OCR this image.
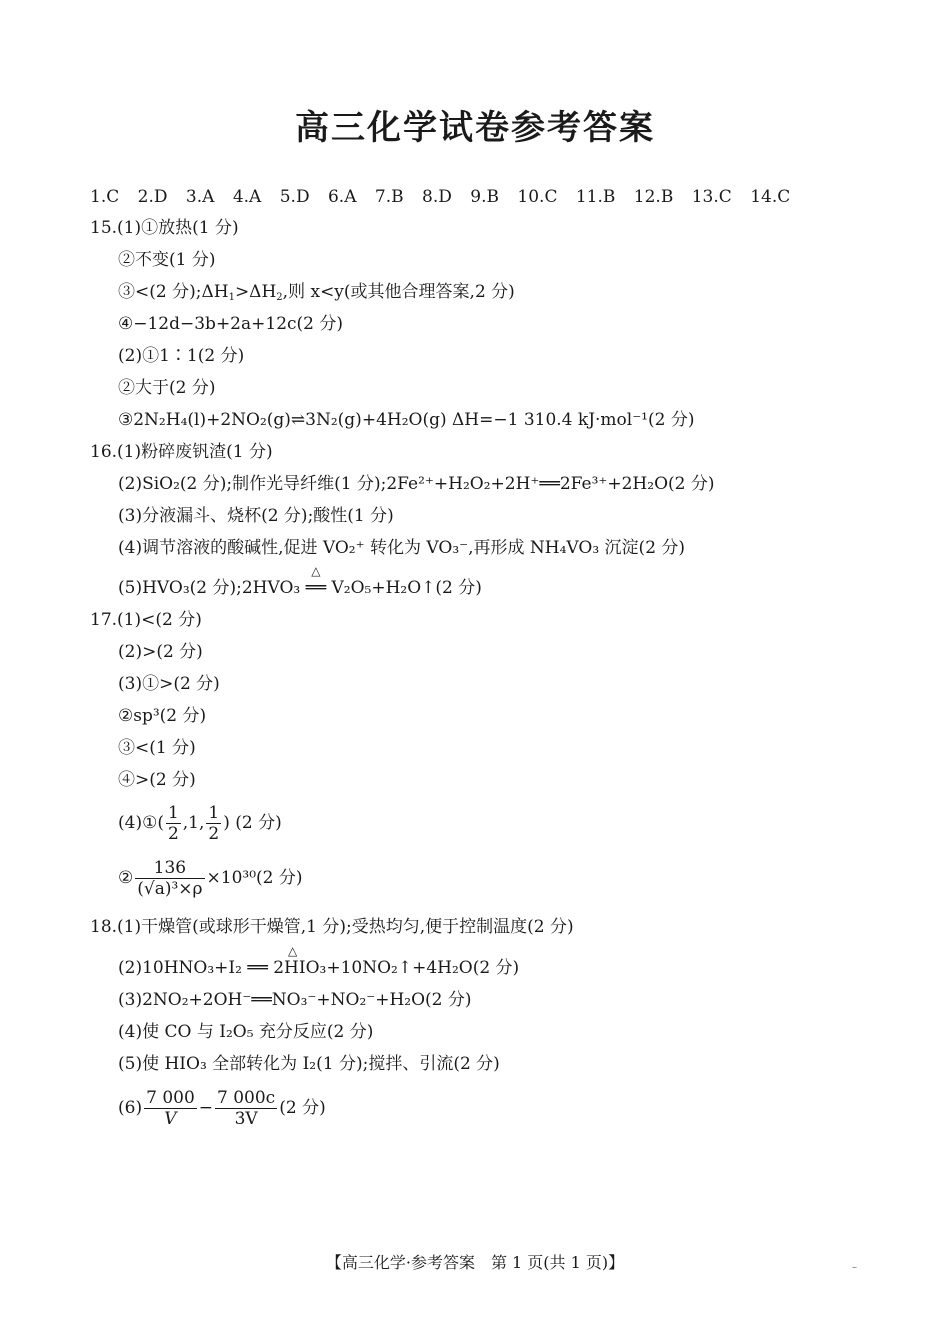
高三化学试卷参考答案
1.C 2.D 3.A 4.A 5.D 6.A 7.B 8.D 9.B 10.C 11.B 12.B 13.C 14.C
15.(1)①放热(1 分)
②不变(1 分)
③<(2 分)$;\Delta H_1>\Delta H_2$,则 x<y(或其他合理答案,2 分)
④−12d−3b+2a+12c(2 分)
(2)①1∶1(2 分)
②大于(2 分)
③2N₂H₄(l)+2NO₂(g)⇌3N₂(g)+4H₂O(g) ΔH=−1 310.4 kJ·mol⁻¹(2 分)
16.(1)粉碎废钒渣(1 分)
(2)SiO₂(2 分);制作光导纤维(1 分);2Fe²⁺+H₂O₂+2H⁺══2Fe³⁺+2H₂O(2 分)
(3)分液漏斗、烧杯(2 分);酸性(1 分)
(4)调节溶液的酸碱性,促进 VO₂⁺ 转化为 VO₃⁻,再形成 NH₄VO₃ 沉淀(2 分)
(5)HVO₃(2 分);2HVO₃
△
══ V₂O₅+H₂O↑(2 分)
17.(1)<(2 分)
(2)>(2 分)
(3)①>(2 分)
②sp³(2 分)
③<(1 分)
④>(2 分)
(4)①( $\frac{1}{2} ,1$, $\frac{1}{2}$ ) (2 分)
② $\frac{136}{\text{(√a)³×ρ}} \times 10^{30}(2$ 分)
18.(1)干燥管(或球形干燥管,1 分);受热均匀,便于控制温度(2 分)
△
(2)10HNO₃+I₂ ══ 2HIO₃+10NO₂↑+4H₂O(2 分)
(3)2NO₂+2OH⁻══NO₃⁻+NO₂⁻+H₂O(2 分)
(4)使 CO 与 I₂O₅ 充分反应(2 分)
(5)使 HIO₃ 全部转化为 I₂(1 分);搅拌、引流(2 分)
$(6) \frac{7 000}{V} - \frac{7 000c}{3V} (2$ 分)
【高三化学·参考答案　第 1 页(共 1 页)】	–
